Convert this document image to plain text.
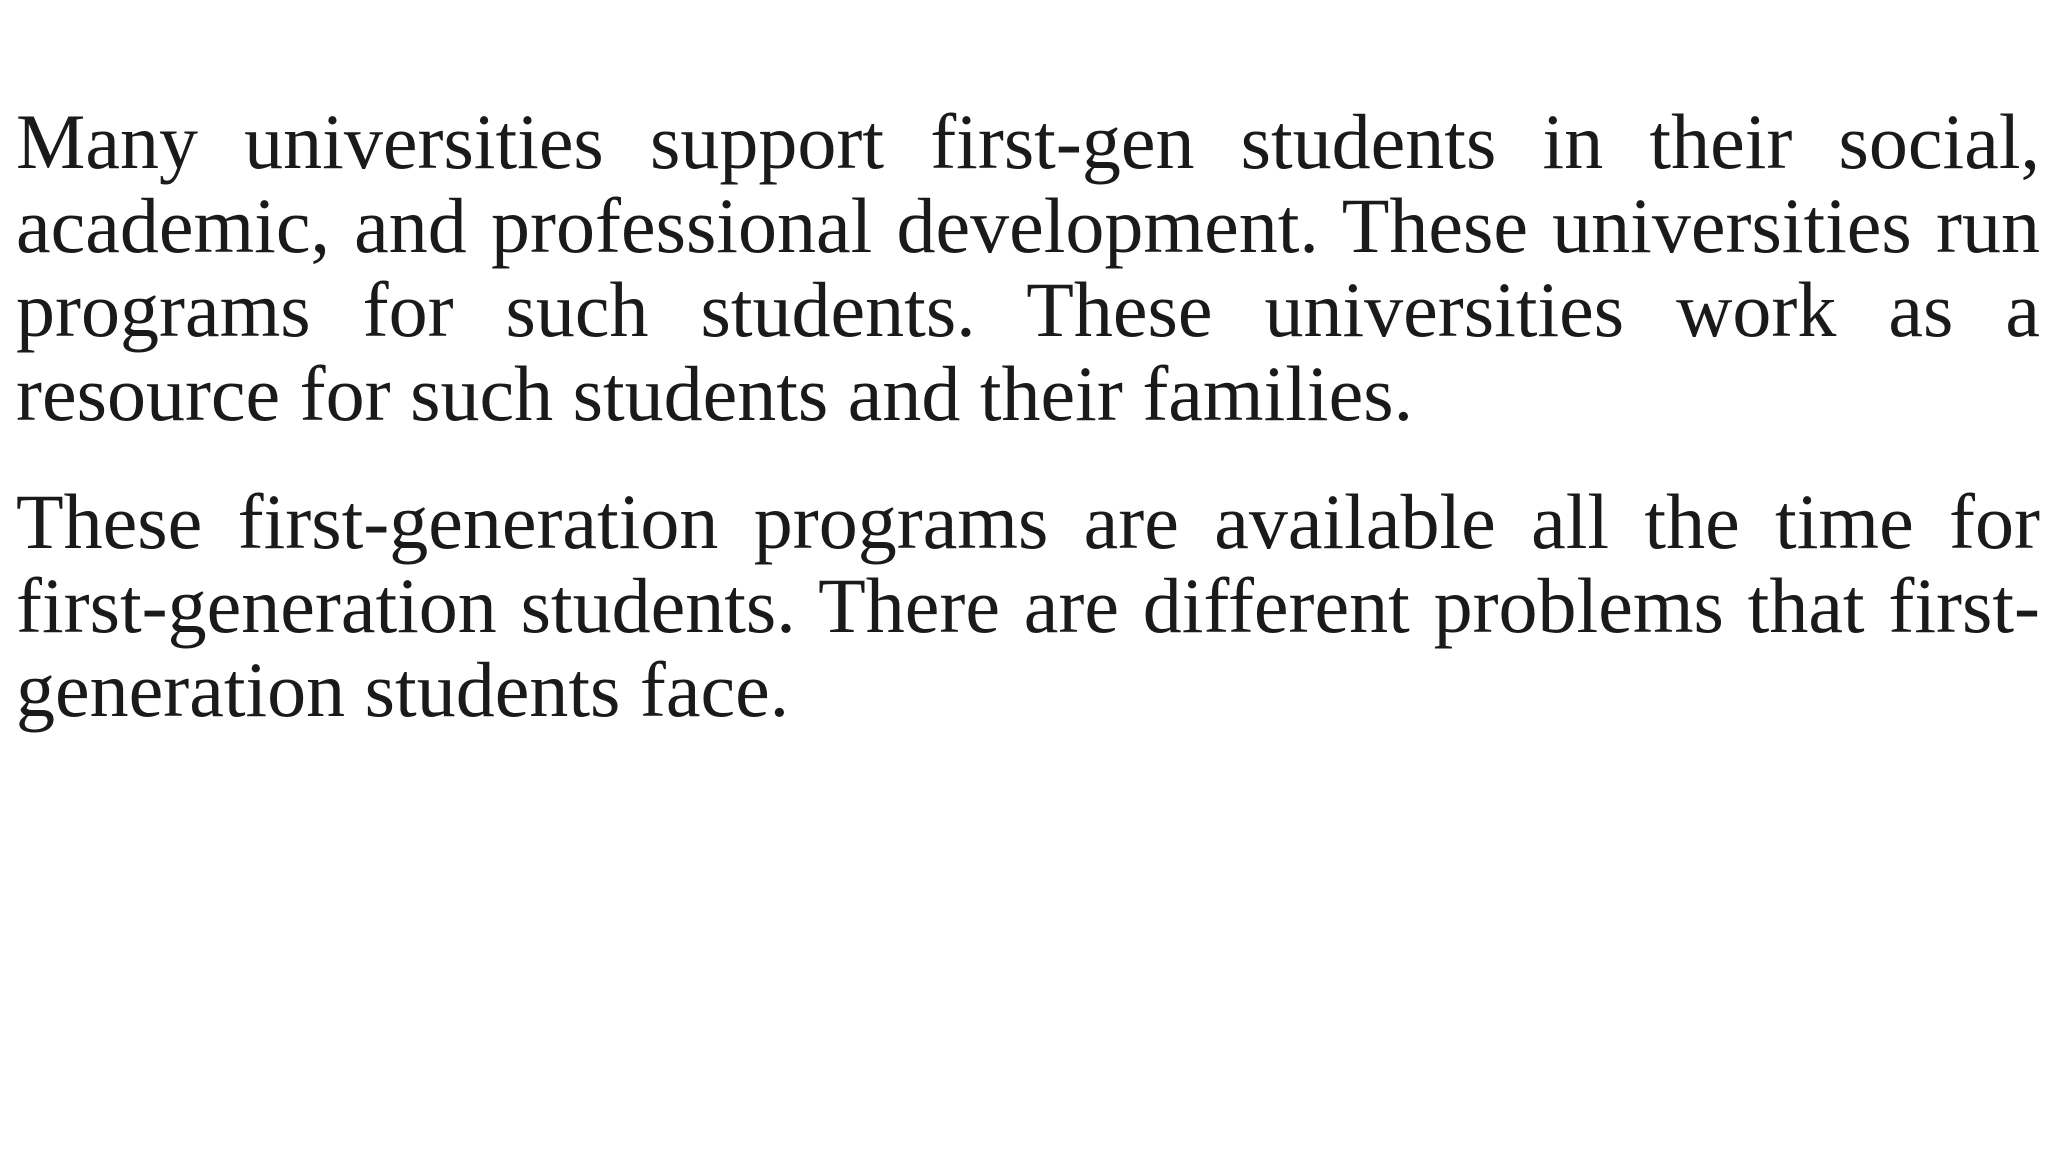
Many universities support first-gen students in their social, academic, and professional development. These universities run programs for such students. These universities work as a resource for such students and their families.

These first-generation programs are available all the time for first-generation students. There are different problems that first-generation students face.
